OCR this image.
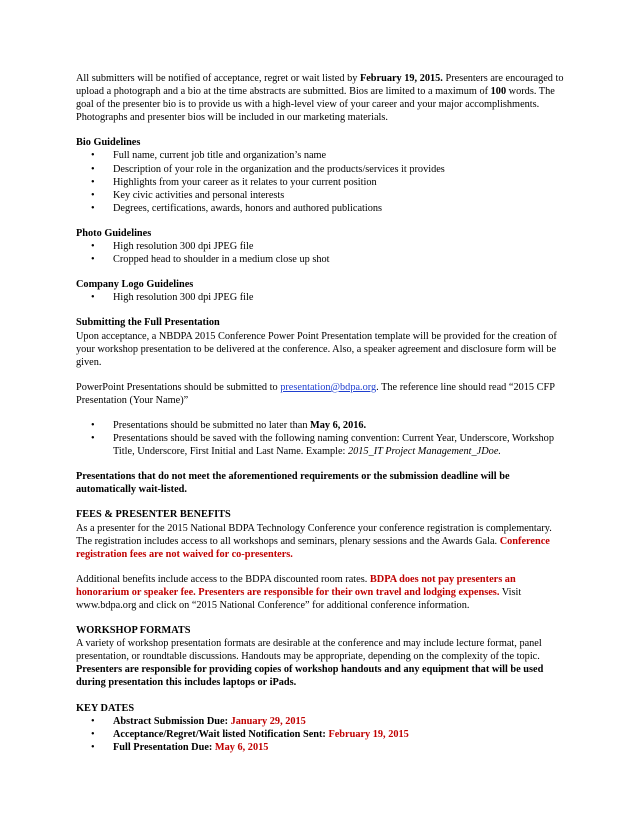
All submitters will be notified of acceptance, regret or wait listed by February 19, 2015. Presenters are encouraged to upload a photograph and a bio at the time abstracts are submitted. Bios are limited to a maximum of 100 words. The goal of the presenter bio is to provide us with a high-level view of your career and your major accomplishments. Photographs and presenter bios will be included in our marketing materials.

Bio Guidelines

• Full name, current job title and organization’s name
• Description of your role in the organization and the products/services it provides
• Highlights from your career as it relates to your current position
• Key civic activities and personal interests
• Degrees, certifications, awards, honors and authored publications

Photo Guidelines

• High resolution 300 dpi JPEG file
• Cropped head to shoulder in a medium close up shot

Company Logo Guidelines

• High resolution 300 dpi JPEG file

Submitting the Full Presentation

Upon acceptance, a NBDPA 2015 Conference Power Point Presentation template will be provided for the creation of your workshop presentation to be delivered at the conference. Also, a speaker agreement and disclosure form will be given.

PowerPoint Presentations should be submitted to presentation@bdpa.org. The reference line should read “2015 CFP Presentation (Your Name)”

• Presentations should be submitted no later than May 6, 2016.
• Presentations should be saved with the following naming convention: Current Year, Underscore, Workshop Title, Underscore, First Initial and Last Name. Example: 2015_IT Project Management_JDoe.

Presentations that do not meet the aforementioned requirements or the submission deadline will be automatically wait-listed.

FEES & PRESENTER BENEFITS

As a presenter for the 2015 National BDPA Technology Conference your conference registration is complementary. The registration includes access to all workshops and seminars, plenary sessions and the Awards Gala. Conference registration fees are not waived for co-presenters.

Additional benefits include access to the BDPA discounted room rates. BDPA does not pay presenters an honorarium or speaker fee. Presenters are responsible for their own travel and lodging expenses. Visit www.bdpa.org and click on “2015 National Conference” for additional conference information.

WORKSHOP FORMATS

A variety of workshop presentation formats are desirable at the conference and may include lecture format, panel presentation, or roundtable discussions. Handouts may be appropriate, depending on the complexity of the topic. Presenters are responsible for providing copies of workshop handouts and any equipment that will be used during presentation this includes laptops or iPads.

KEY DATES

• Abstract Submission Due: January 29, 2015
• Acceptance/Regret/Wait listed Notification Sent: February 19, 2015
• Full Presentation Due: May 6, 2015
